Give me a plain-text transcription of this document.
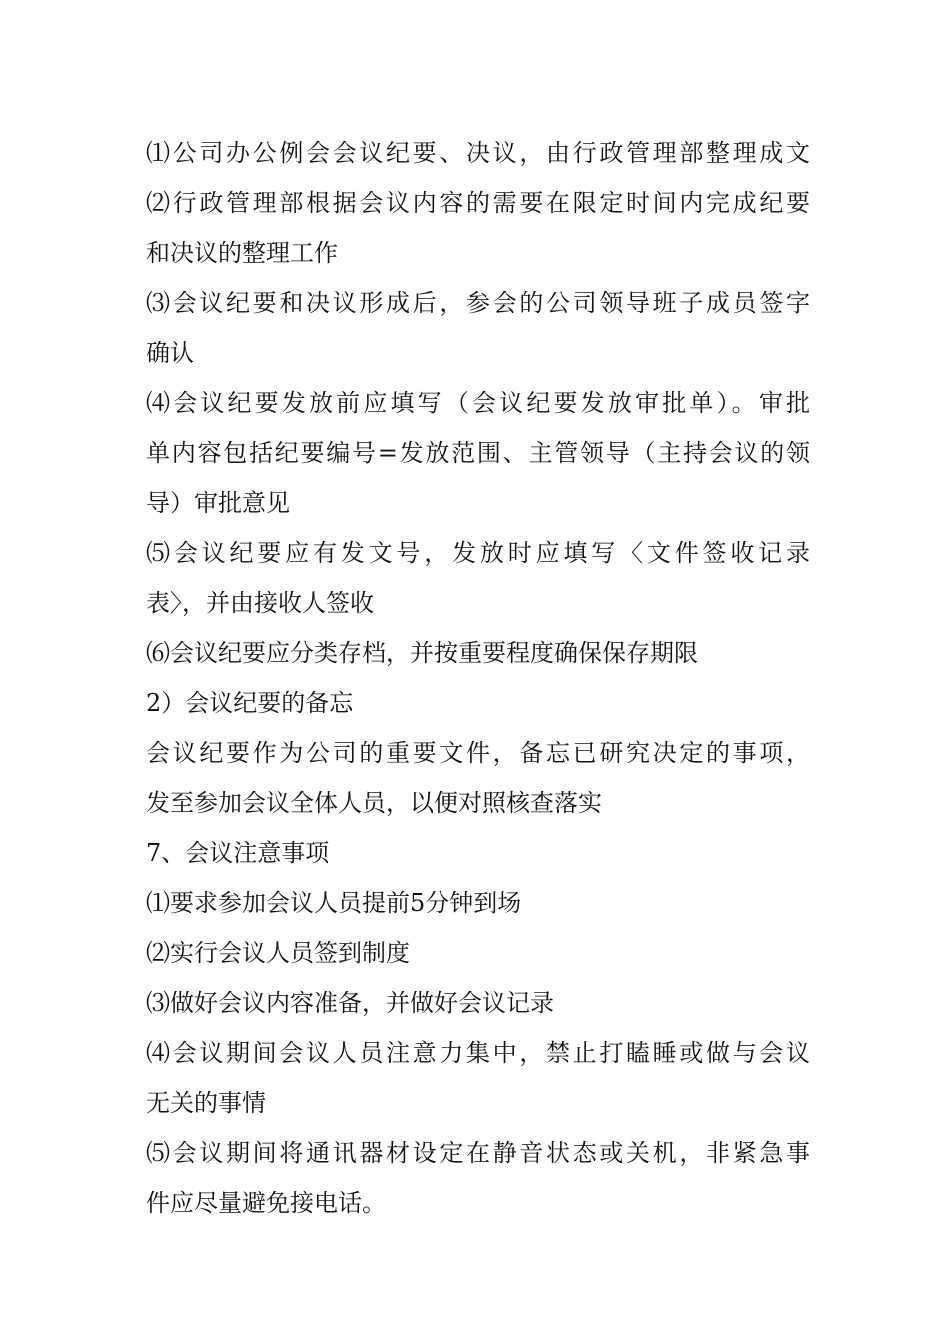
⑴公司办公例会会议纪要、决议，由行政管理部整理成文
⑵行政管理部根据会议内容的需要在限定时间内完成纪要
和决议的整理工作
⑶会议纪要和决议形成后，参会的公司领导班子成员签字
确认
⑷会议纪要发放前应填写（会议纪要发放审批单）。审批
单内容包括纪要编号=发放范围、主管领导（主持会议的领
导）审批意见
⑸会议纪要应有发文号，发放时应填写〈文件签收记录
表〉，并由接收人签收
⑹会议纪要应分类存档，并按重要程度确保保存期限
2）会议纪要的备忘
会议纪要作为公司的重要文件，备忘已研究决定的事项，
发至参加会议全体人员，以便对照核查落实
7、会议注意事项
⑴要求参加会议人员提前5分钟到场
⑵实行会议人员签到制度
⑶做好会议内容准备，并做好会议记录
⑷会议期间会议人员注意力集中，禁止打瞌睡或做与会议
无关的事情
⑸会议期间将通讯器材设定在静音状态或关机，非紧急事
件应尽量避免接电话。
